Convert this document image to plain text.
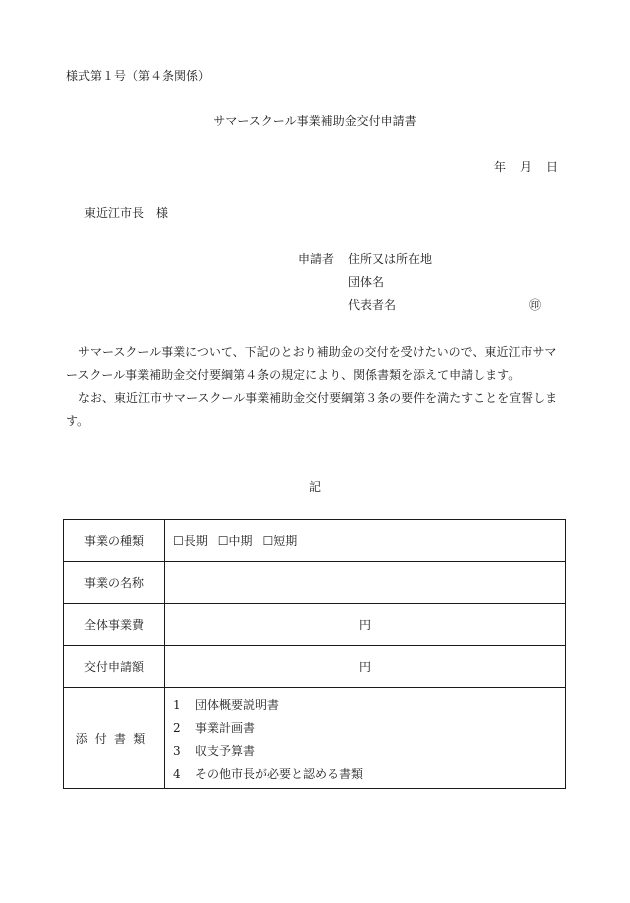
様式第１号（第４条関係）
サマースクール事業補助金交付申請書
年 月 日
東近江市長　様
申請者 住所又は所在地
団体名
代表者名	㊞

サマースクール事業について、下記のとおり補助金の交付を受けたいので、東近江市サマースクール事業補助金交付要綱第４条の規定により、関係書類を添えて申請します。

なお、東近江市サマースクール事業補助金交付要綱第３条の要件を満たすことを宣誓します。

記
事業の種類	☐長期 ☐中期 ☐短期
事業の名称	
全体事業費	円
交付申請額	円
添付書類	1 団体概要説明書
2 事業計画書
3 収支予算書
4 その他市長が必要と認める書類
